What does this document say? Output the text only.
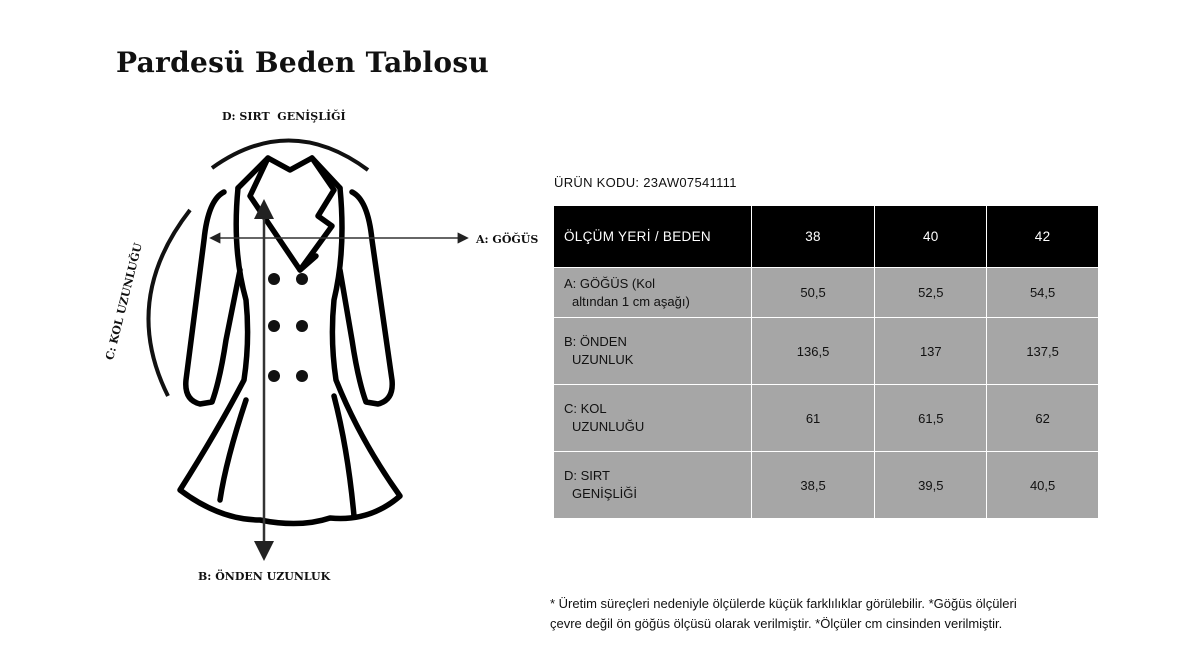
Pardesü Beden Tablosu
D: SIRT  GENİŞLİĞİ
A: GÖĞÜS
B: ÖNDEN UZUNLUK
C: KOL UZUNLUĞU
ÜRÜN KODU: 23AW07541111
ÖLÇÜM YERİ / BEDEN	38	40	42

A: GÖĞÜS (Kol
altından 1 cm aşağı)	50,5	52,5	54,5

B: ÖNDEN
UZUNLUK	136,5	137	137,5

C: KOL
UZUNLUĞU	61	61,5	62

D: SIRT
GENİŞLİĞİ	38,5	39,5	40,5
* Üretim süreçleri nedeniyle ölçülerde küçük farklılıklar görülebilir. *Göğüs ölçüleri
çevre değil ön göğüs ölçüsü olarak verilmiştir. *Ölçüler cm cinsinden verilmiştir.
